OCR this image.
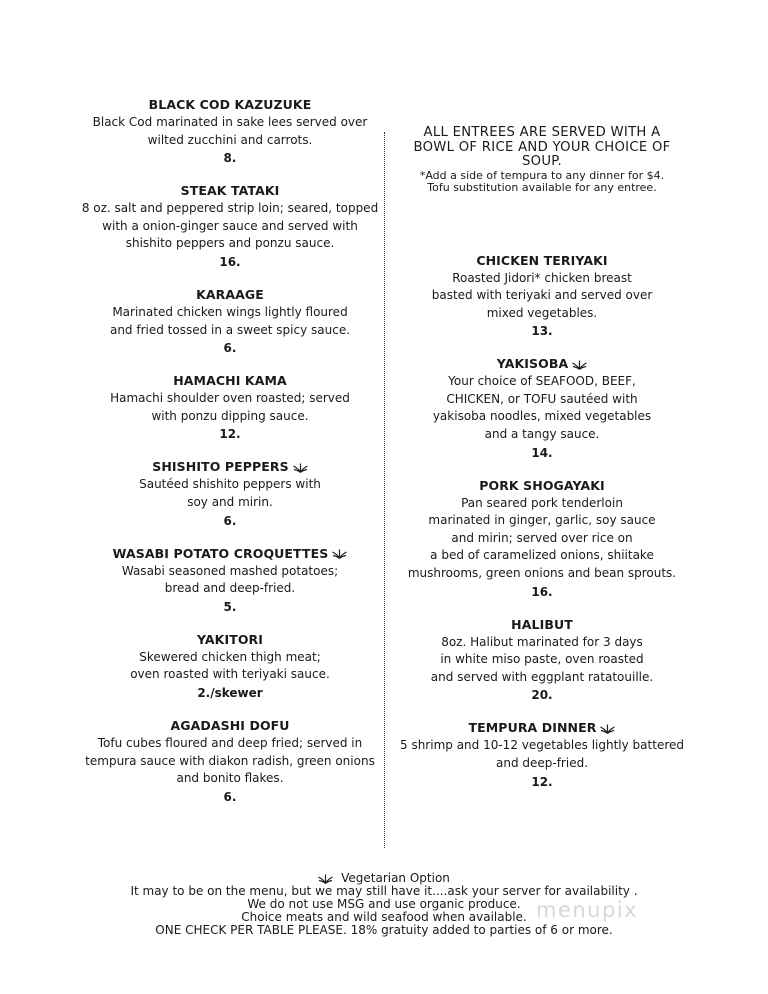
BLACK COD KAZUZUKE
Black Cod marinated in sake lees served over
wilted zucchini and carrots.
8.
STEAK TATAKI
8 oz. salt and peppered strip loin; seared, topped
with a onion-ginger sauce and served with
shishito peppers and ponzu sauce.
16.
KARAAGE
Marinated chicken wings lightly floured
and fried tossed in a sweet spicy sauce.
6.
HAMACHI KAMA
Hamachi shoulder oven roasted; served
with ponzu dipping sauce.
12.
SHISHITO PEPPERS
Sautéed shishito peppers with
soy and mirin.
6.
WASABI POTATO CROQUETTES
Wasabi seasoned mashed potatoes;
bread and deep-fried.
5.
YAKITORI
Skewered chicken thigh meat;
oven roasted with teriyaki sauce.
2./skewer
AGADASHI DOFU
Tofu cubes floured and deep fried; served in
tempura sauce with diakon radish, green onions
and bonito flakes.
6.
ALL ENTREES ARE SERVED WITH A
BOWL OF RICE AND YOUR CHOICE OF
SOUP.
*Add a side of tempura to any dinner for $4.
Tofu substitution available for any entree.
CHICKEN TERIYAKI
Roasted Jidori* chicken breast
basted with teriyaki and served over
mixed vegetables.
13.
YAKISOBA
Your choice of SEAFOOD, BEEF,
CHICKEN, or TOFU sautéed with
yakisoba noodles, mixed vegetables
and a tangy sauce.
14.
PORK SHOGAYAKI
Pan seared pork tenderloin
marinated in ginger, garlic, soy sauce
and mirin; served over rice on
a bed of caramelized onions, shiitake
mushrooms, green onions and bean sprouts.
16.
HALIBUT
8oz. Halibut marinated for 3 days
in white miso paste, oven roasted
and served with eggplant ratatouille.
20.
TEMPURA DINNER
5 shrimp and 10-12 vegetables lightly battered
and deep-fried.
12.
Vegetarian Option
It may to be on the menu, but we may still have it....ask your server for availability .
We do not use MSG and use organic produce.
Choice meats and wild seafood when available.
ONE CHECK PER TABLE PLEASE. 18% gratuity added to parties of 6 or more.
menupix
